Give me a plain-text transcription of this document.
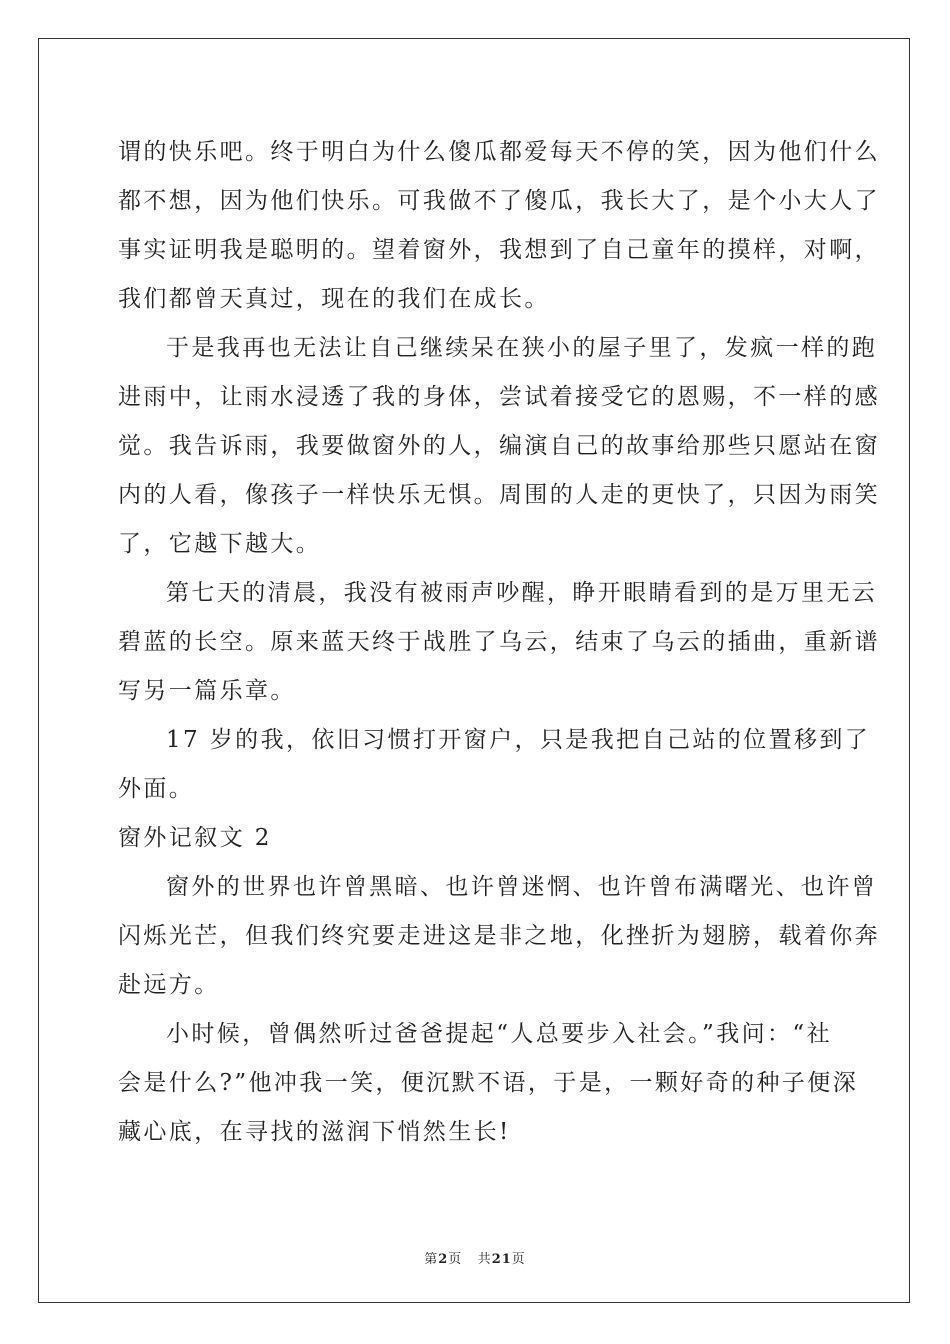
谓的快乐吧。终于明白为什么傻瓜都爱每天不停的笑，因为他们什么
都不想，因为他们快乐。可我做不了傻瓜，我长大了，是个小大人了
事实证明我是聪明的。望着窗外，我想到了自己童年的摸样，对啊，
我们都曾天真过，现在的我们在成长。
于是我再也无法让自己继续呆在狭小的屋子里了，发疯一样的跑
进雨中，让雨水浸透了我的身体，尝试着接受它的恩赐，不一样的感
觉。我告诉雨，我要做窗外的人，编演自己的故事给那些只愿站在窗
内的人看，像孩子一样快乐无惧。周围的人走的更快了，只因为雨笑
了，它越下越大。
第七天的清晨，我没有被雨声吵醒，睁开眼睛看到的是万里无云
碧蓝的长空。原来蓝天终于战胜了乌云，结束了乌云的插曲，重新谱
写另一篇乐章。
17 岁的我，依旧习惯打开窗户，只是我把自己站的位置移到了
外面。
窗外记叙文 2
窗外的世界也许曾黑暗、也许曾迷惘、也许曾布满曙光、也许曾
闪烁光芒，但我们终究要走进这是非之地，化挫折为翅膀，载着你奔
赴远方。
小时候，曾偶然听过爸爸提起“人总要步入社会。”我问：“社
会是什么?”他冲我一笑，便沉默不语，于是，一颗好奇的种子便深
藏心底，在寻找的滋润下悄然生长!
第2页 共21页
